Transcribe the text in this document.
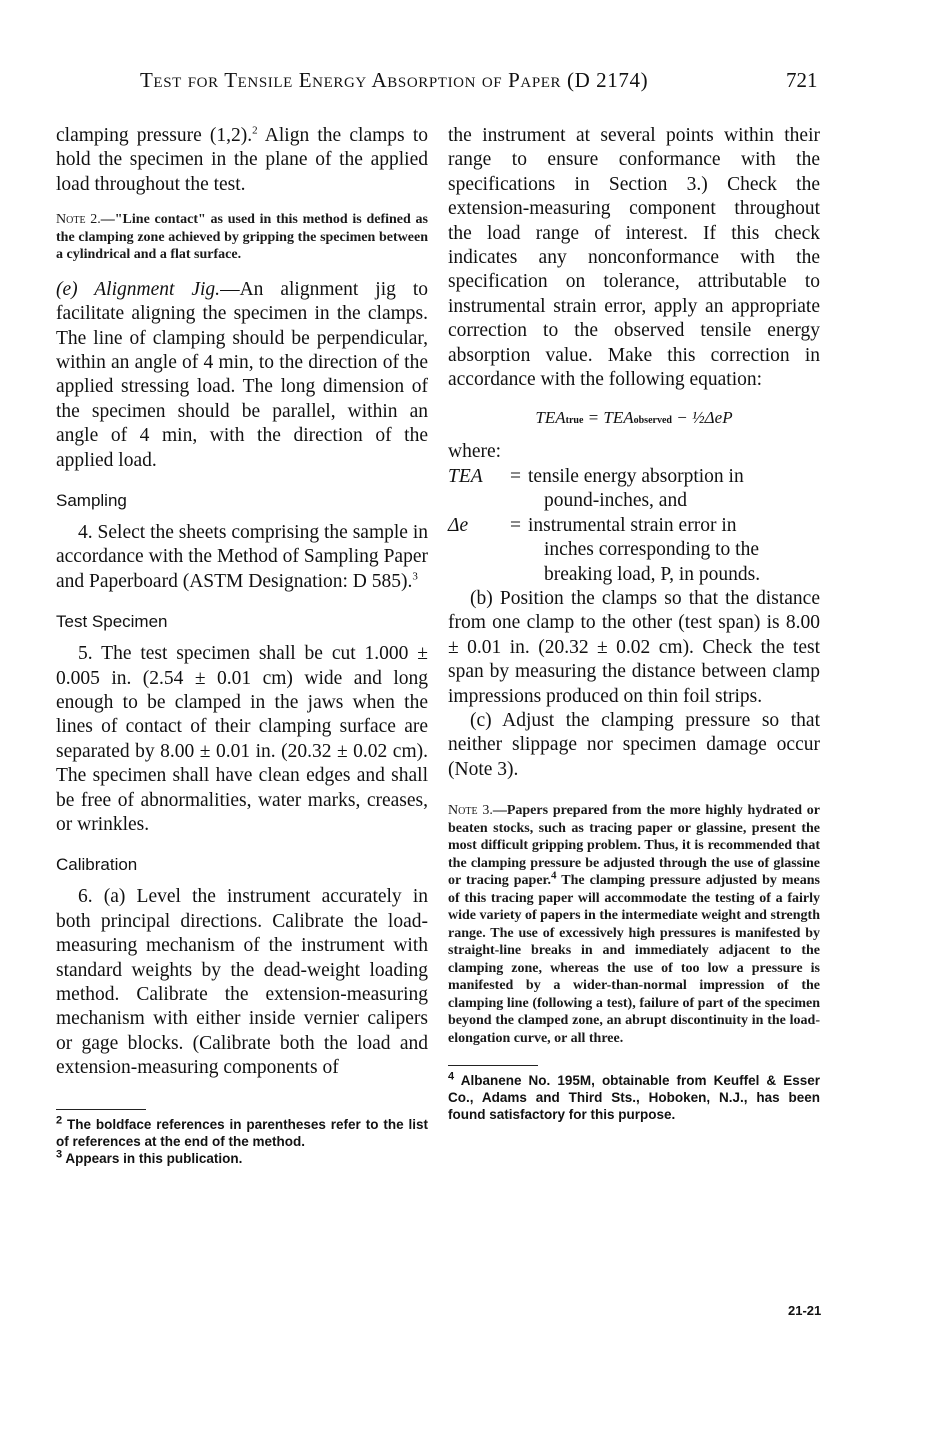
Test for Tensile Energy Absorption of Paper (D 2174)	721

clamping pressure (1,2).$^2$ Align the clamps to hold the specimen in the plane of the applied load throughout the test.

Note 2.—"Line contact" as used in this method is defined as the clamping zone achieved by gripping the specimen between a cylindrical and a flat surface.

(e) Alignment Jig.—An alignment jig to facilitate aligning the specimen in the clamps. The line of clamping should be perpendicular, within an angle of 4 min, to the direction of the applied stressing load. The long dimension of the specimen should be parallel, within an angle of 4 min, with the direction of the applied load.

Sampling

4. Select the sheets comprising the sample in accordance with the Method of Sampling Paper and Paperboard (ASTM Designation: D 585).$^3$

Test Specimen

5. The test specimen shall be cut 1.000 ± 0.005 in. (2.54 ± 0.01 cm) wide and long enough to be clamped in the jaws when the lines of contact of their clamping surface are separated by 8.00 ± 0.01 in. (20.32 ± 0.02 cm). The specimen shall have clean edges and shall be free of abnormalities, water marks, creases, or wrinkles.

Calibration

6. (a) Level the instrument accurately in both principal directions. Calibrate the load-measuring mechanism of the instrument with standard weights by the dead-weight loading method. Calibrate the extension-measuring mechanism with either inside vernier calipers or gage blocks. (Calibrate both the load and extension-measuring components of

$^2$ The boldface references in parentheses refer to the list of references at the end of the method.

$^3$ Appears in this publication.

the instrument at several points within their range to ensure conformance with the specifications in Section 3.) Check the extension-measuring component throughout the load range of interest. If this check indicates any nonconformance with the specification on tolerance, attributable to instrumental strain error, apply an appropriate correction to the observed tensile energy absorption value. Make this correction in accordance with the following equation:

TEAtrue = TEAobserved − ½ΔeP
where:
TEA	= tensile energy absorption in
pound-inches, and
Δe	= instrumental strain error in
inches corresponding to the breaking load, P, in pounds.

(b) Position the clamps so that the distance from one clamp to the other (test span) is 8.00 ± 0.01 in. (20.32 ± 0.02 cm). Check the test span by measuring the distance between clamp impressions produced on thin foil strips.

(c) Adjust the clamping pressure so that neither slippage nor specimen damage occur (Note 3).

Note 3.—Papers prepared from the more highly hydrated or beaten stocks, such as tracing paper or glassine, present the most difficult gripping problem. Thus, it is recommended that the clamping pressure be adjusted through the use of glassine or tracing paper.$^4$ The clamping pressure adjusted by means of this tracing paper will accommodate the testing of a fairly wide variety of papers in the intermediate weight and strength range. The use of excessively high pressures is manifested by straight-line breaks in and immediately adjacent to the clamping zone, whereas the use of too low a pressure is manifested by a wider-than-normal impression of the clamping line (following a test), failure of part of the specimen beyond the clamped zone, an abrupt discontinuity in the load-elongation curve, or all three.

$^4$ Albanene No. 195M, obtainable from Keuffel & Esser Co., Adams and Third Sts., Hoboken, N.J., has been found satisfactory for this purpose.

21-21
